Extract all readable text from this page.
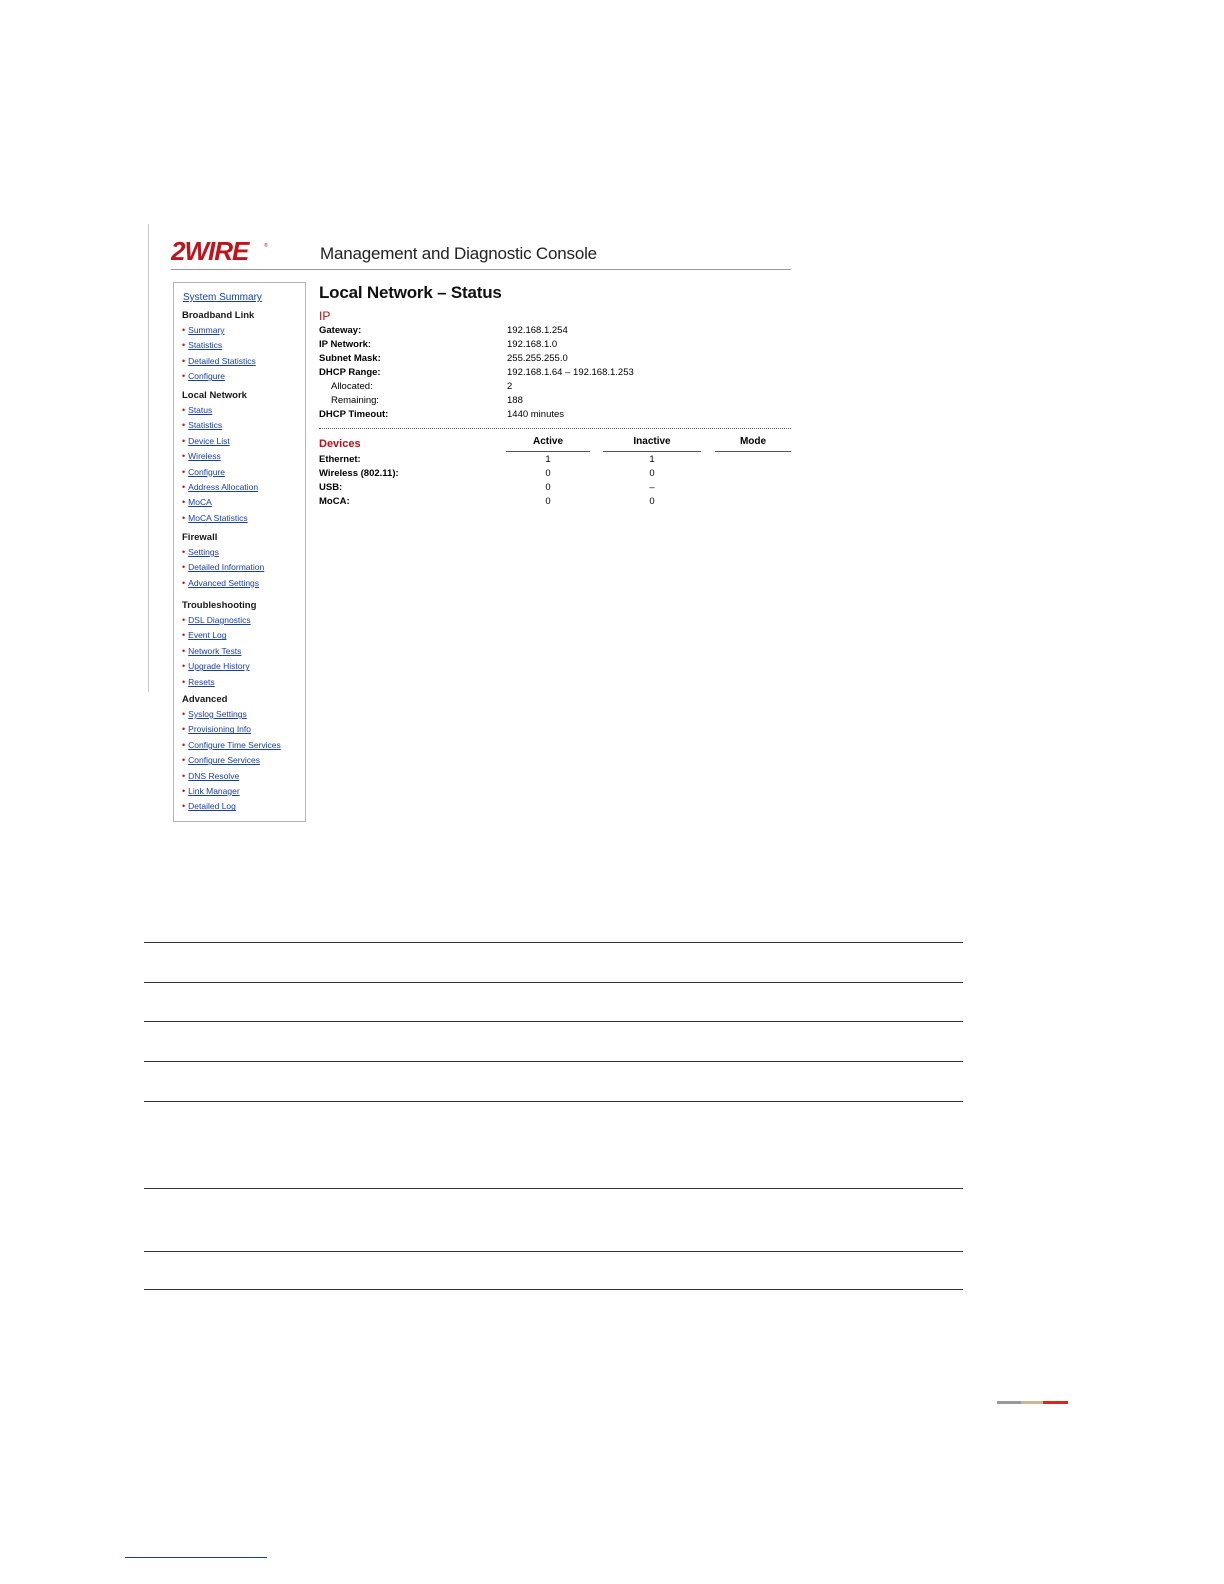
2WIRE	®	Management and Diagnostic Console
System Summary
Broadband Link
• Summary
• Statistics
• Detailed Statistics
• Configure
Local Network
• Status
• Statistics
• Device List
• Wireless
• Configure
• Address Allocation
• MoCA
• MoCA Statistics
Firewall
• Settings
• Detailed Information
• Advanced Settings
Troubleshooting
• DSL Diagnostics
• Event Log
• Network Tests
• Upgrade History
• Resets
Advanced
• Syslog Settings
• Provisioning Info
• Configure Time Services
• Configure Services
• DNS Resolve
• Link Manager
• Detailed Log
Local Network – Status
IP
Gateway:	192.168.1.254
IP Network:	192.168.1.0
Subnet Mask:	255.255.255.0
DHCP Range:	192.168.1.64 – 192.168.1.253
Allocated:	2
Remaining:	188
DHCP Timeout:	1440 minutes
Devices	Active	Inactive	Mode
Ethernet:	1	1
Wireless (802.11):	0	0
USB:	0	–
MoCA:	0	0
